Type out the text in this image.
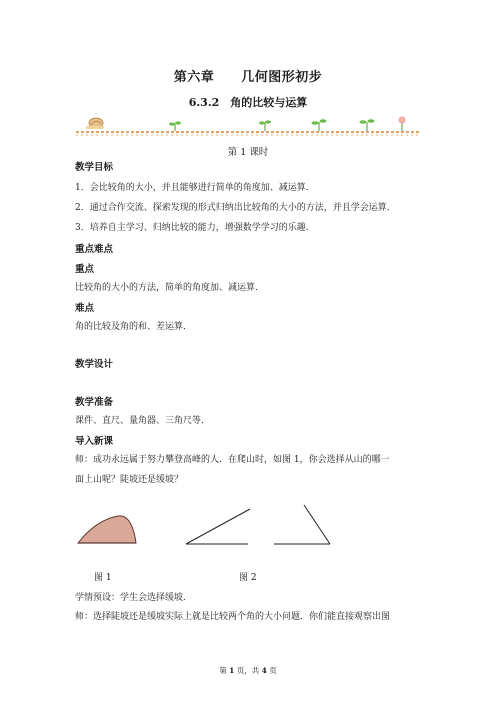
第六章　　几何图形初步
6.3.2　角的比较与运算
第 1 课时
教学目标
1．会比较角的大小，并且能够进行简单的角度加、减运算．
2．通过合作交流、探索发现的形式归纳出比较角的大小的方法，并且学会运算．
3．培养自主学习、归纳比较的能力，增强数学学习的乐趣．
重点难点
重点
比较角的大小的方法，简单的角度加、减运算．
难点
角的比较及角的和、差运算．
教学设计
教学准备
课件、直尺、量角器、三角尺等．
导入新课
师：成功永远属于努力攀登高峰的人．在爬山时，如图 1，你会选择从山的哪一
面上山呢？陡坡还是缓坡？
图 1	图 2
学情预设：学生会选择缓坡．
师：选择陡坡还是缓坡实际上就是比较两个角的大小问题．你们能直接观察出图
第 1 页，共 4 页
